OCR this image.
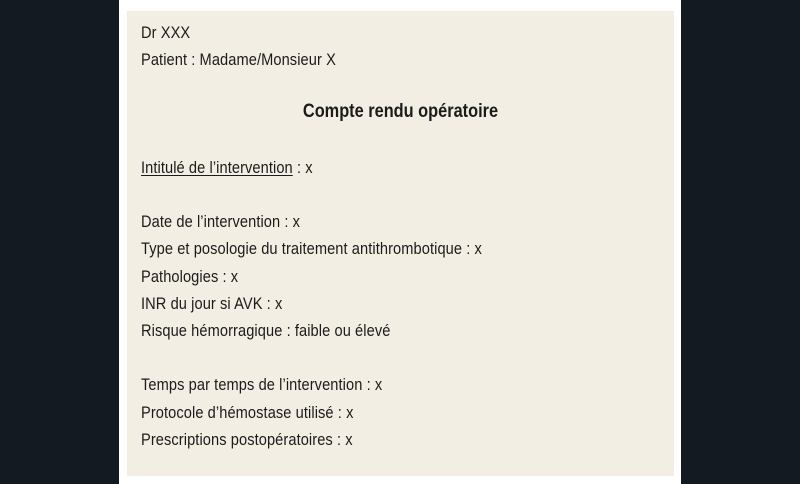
Dr XXX

Patient : Madame/Monsieur X

Compte rendu opératoire

Intitulé de l’intervention : x

Date de l’intervention : x

Type et posologie du traitement antithrombotique : x

Pathologies : x

INR du jour si AVK : x

Risque hémorragique : faible ou élevé

Temps par temps de l’intervention : x

Protocole d’hémostase utilisé : x

Prescriptions postopératoires : x
